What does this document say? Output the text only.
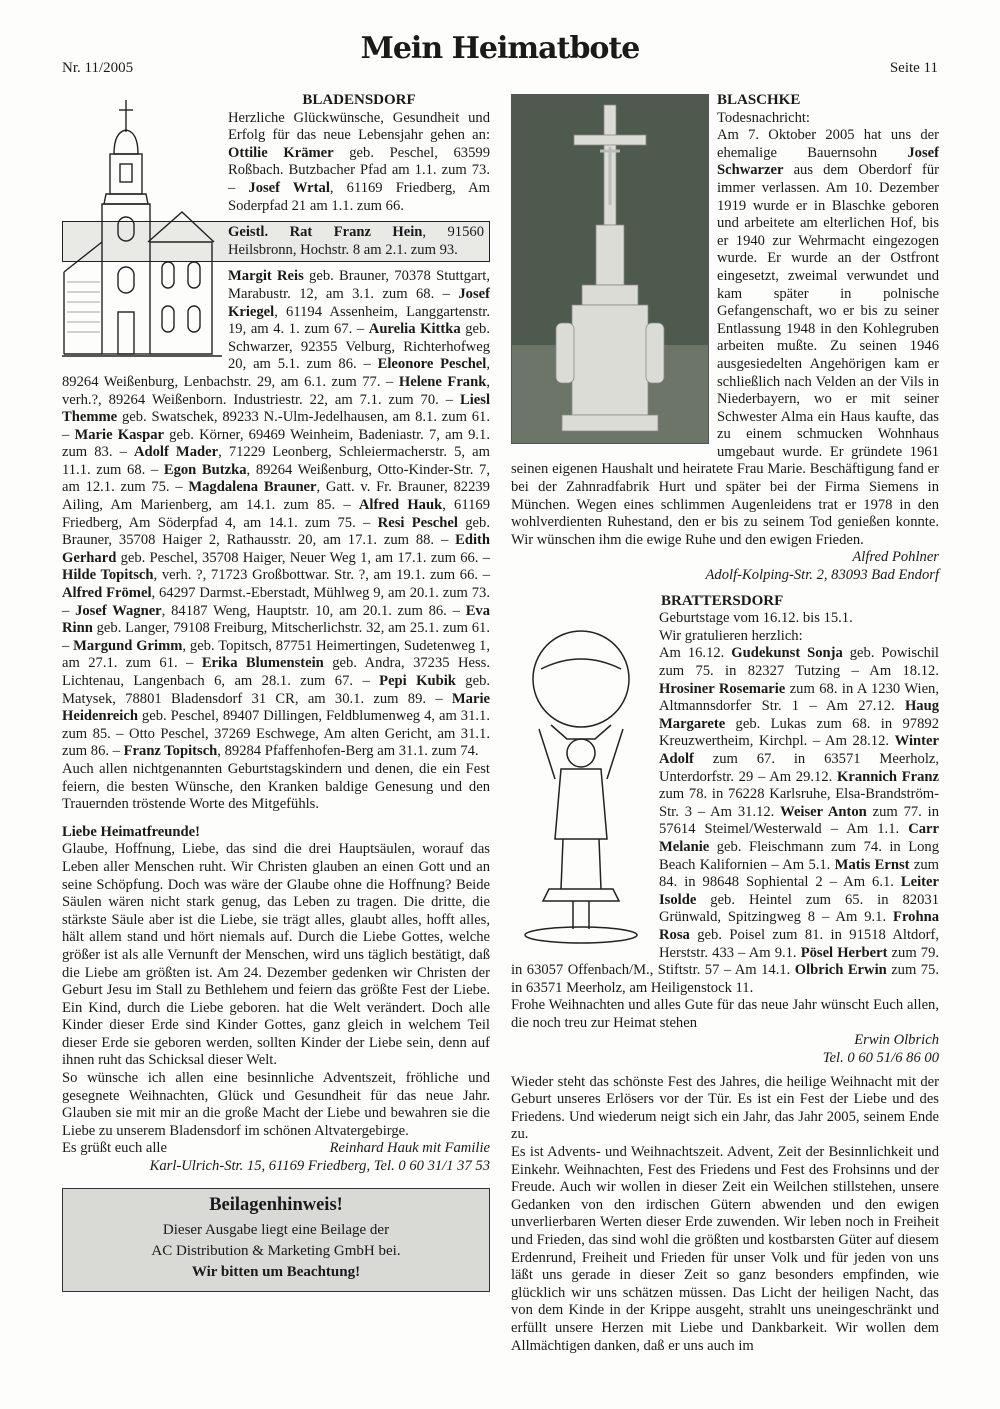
Nr. 11/2005
Mein Heimatbote
Seite 11
BLADENSDORF

Herzliche Glückwünsche, Gesundheit und Erfolg für das neue Lebensjahr gehen an: Ottilie Krämer geb. Peschel, 63599 Roßbach. Butzbacher Pfad am 1.1. zum 73. – Josef Wrtal, 61169 Friedberg, Am Soderpfad 21 am 1.1. zum 66.

Geistl. Rat Franz Hein, 91560 Heilsbronn, Hochstr. 8 am 2.1. zum 93.

Margit Reis geb. Brauner, 70378 Stuttgart, Marabustr. 12, am 3.1. zum 68. – Josef Kriegel, 61194 Assenheim, Langgartenstr. 19, am 4. 1. zum 67. – Aurelia Kittka geb. Schwarzer, 92355 Velburg, Richterhofweg 20, am 5.1. zum 86. – Eleonore Peschel, 89264 Weißenburg, Lenbachstr. 29, am 6.1. zum 77. – Helene Frank, verh.?, 89264 Weißenborn. Industriestr. 22, am 7.1. zum 70. – Liesl Themme geb. Swatschek, 89233 N.-Ulm-Jedelhausen, am 8.1. zum 61. – Marie Kaspar geb. Körner, 69469 Weinheim, Badeniastr. 7, am 9.1. zum 83. – Adolf Mader, 71229 Leonberg, Schleiermacherstr. 5, am 11.1. zum 68. – Egon Butzka, 89264 Weißenburg, Otto-Kinder-Str. 7, am 12.1. zum 75. – Magdalena Brauner, Gatt. v. Fr. Brauner, 82239 Ailing, Am Marienberg, am 14.1. zum 85. – Alfred Hauk, 61169 Friedberg, Am Söderpfad 4, am 14.1. zum 75. – Resi Peschel geb. Brauner, 35708 Haiger 2, Rathausstr. 20, am 17.1. zum 88. – Edith Gerhard geb. Peschel, 35708 Haiger, Neuer Weg 1, am 17.1. zum 66. – Hilde Topitsch, verh. ?, 71723 Großbottwar. Str. ?, am 19.1. zum 66. – Alfred Frömel, 64297 Darmst.-Eberstadt, Mühlweg 9, am 20.1. zum 73. – Josef Wagner, 84187 Weng, Hauptstr. 10, am 20.1. zum 86. – Eva Rinn geb. Langer, 79108 Freiburg, Mitscherlichstr. 32, am 25.1. zum 61. – Margund Grimm, geb. Topitsch, 87751 Heimertingen, Sudetenweg 1, am 27.1. zum 61. – Erika Blumenstein geb. Andra, 37235 Hess. Lichtenau, Langenbach 6, am 28.1. zum 67. – Pepi Kubik geb. Matysek, 78801 Bladensdorf 31 CR, am 30.1. zum 89. – Marie Heidenreich geb. Peschel, 89407 Dillingen, Feldblumenweg 4, am 31.1. zum 85. – Otto Peschel, 37269 Eschwege, Am alten Gericht, am 31.1. zum 86. – Franz Topitsch, 89284 Pfaffenhofen-Berg am 31.1. zum 74.

Auch allen nichtgenannten Geburtstagskindern und denen, die ein Fest feiern, die besten Wünsche, den Kranken baldige Genesung und den Trauernden tröstende Worte des Mitgefühls.

Liebe Heimatfreunde!

Glaube, Hoffnung, Liebe, das sind die drei Hauptsäulen, worauf das Leben aller Menschen ruht. Wir Christen glauben an einen Gott und an seine Schöpfung. Doch was wäre der Glaube ohne die Hoffnung? Beide Säulen wären nicht stark genug, das Leben zu tragen. Die dritte, die stärkste Säule aber ist die Liebe, sie trägt alles, glaubt alles, hofft alles, hält allem stand und hört niemals auf. Durch die Liebe Gottes, welche größer ist als alle Vernunft der Menschen, wird uns täglich bestätigt, daß die Liebe am größten ist. Am 24. Dezember gedenken wir Christen der Geburt Jesu im Stall zu Bethlehem und feiern das größte Fest der Liebe. Ein Kind, durch die Liebe geboren. hat die Welt verändert. Doch alle Kinder dieser Erde sind Kinder Gottes, ganz gleich in welchem Teil dieser Erde sie geboren werden, sollten Kinder der Liebe sein, denn auf ihnen ruht das Schicksal dieser Welt.

So wünsche ich allen eine besinnliche Adventszeit, fröhliche und gesegnete Weihnachten, Glück und Gesundheit für das neue Jahr. Glauben sie mit mir an die große Macht der Liebe und bewahren sie die Liebe zu unserem Bladensdorf im schönen Altvatergebirge.

Es grüßt euch alle	Reinhard Hauk mit Familie

Karl-Ulrich-Str. 15, 61169 Friedberg, Tel. 0 60 31/1 37 53

Beilagenhinweis!
Dieser Ausgabe liegt eine Beilage der
AC Distribution & Marketing GmbH bei.
Wir bitten um Beachtung!
BLASCHKE

Todesnachricht:

Am 7. Oktober 2005 hat uns der ehemalige Bauernsohn Josef Schwarzer aus dem Oberdorf für immer verlassen. Am 10. Dezember 1919 wurde er in Blaschke geboren und arbeitete am elterlichen Hof, bis er 1940 zur Wehrmacht eingezogen wurde. Er wurde an der Ostfront eingesetzt, zweimal verwundet und kam später in polnische Gefangenschaft, wo er bis zu seiner Entlassung 1948 in den Kohlegruben arbeiten mußte. Zu seinen 1946 ausgesiedelten Angehörigen kam er schließlich nach Velden an der Vils in Niederbayern, wo er mit seiner Schwester Alma ein Haus kaufte, das zu einem schmucken Wohnhaus umgebaut wurde. Er gründete 1961 seinen eigenen Haushalt und heiratete Frau Marie. Beschäftigung fand er bei der Zahnradfabrik Hurt und später bei der Firma Siemens in München. Wegen eines schlimmen Augenleidens trat er 1978 in den wohlverdienten Ruhestand, den er bis zu seinem Tod genießen konnte. Wir wünschen ihm die ewige Ruhe und den ewigen Frieden.

Alfred Pohlner

Adolf-Kolping-Str. 2, 83093 Bad Endorf

BRATTERSDORF

Geburtstage vom 16.12. bis 15.1.

Wir gratulieren herzlich:

Am 16.12. Gudekunst Sonja geb. Powischil zum 75. in 82327 Tutzing – Am 18.12. Hrosiner Rosemarie zum 68. in A 1230 Wien, Altmannsdorfer Str. 1 – Am 27.12. Haug Margarete geb. Lukas zum 68. in 97892 Kreuzwertheim, Kirchpl. – Am 28.12. Winter Adolf zum 67. in 63571 Meerholz, Unterdorfstr. 29 – Am 29.12. Krannich Franz zum 78. in 76228 Karlsruhe, Elsa-Brandström-Str. 3 – Am 31.12. Weiser Anton zum 77. in 57614 Steimel/Westerwald – Am 1.1. Carr Melanie geb. Fleischmann zum 74. in Long Beach Kalifornien – Am 5.1. Matis Ernst zum 84. in 98648 Sophiental 2 – Am 6.1. Leiter Isolde geb. Heintel zum 65. in 82031 Grünwald, Spitzingweg 8 – Am 9.1. Frohna Rosa geb. Poisel zum 81. in 91518 Altdorf, Herststr. 433 – Am 9.1. Pösel Herbert zum 79. in 63057 Offenbach/M., Stiftstr. 57 – Am 14.1. Olbrich Erwin zum 75. in 63571 Meerholz, am Heiligenstock 11.

Frohe Weihnachten und alles Gute für das neue Jahr wünscht Euch allen, die noch treu zur Heimat stehen

Erwin Olbrich

Tel. 0 60 51/6 86 00

Wieder steht das schönste Fest des Jahres, die heilige Weihnacht mit der Geburt unseres Erlösers vor der Tür. Es ist ein Fest der Liebe und des Friedens. Und wiederum neigt sich ein Jahr, das Jahr 2005, seinem Ende zu.

Es ist Advents- und Weihnachtszeit. Advent, Zeit der Besinnlichkeit und Einkehr. Weihnachten, Fest des Friedens und Fest des Frohsinns und der Freude. Auch wir wollen in dieser Zeit ein Weilchen stillstehen, unsere Gedanken von den irdischen Gütern abwenden und den ewigen unverlierbaren Werten dieser Erde zuwenden. Wir leben noch in Freiheit und Frieden, das sind wohl die größten und kostbarsten Güter auf diesem Erdenrund, Freiheit und Frieden für unser Volk und für jeden von uns läßt uns gerade in dieser Zeit so ganz besonders empfinden, wie glücklich wir uns schätzen müssen. Das Licht der heiligen Nacht, das von dem Kinde in der Krippe ausgeht, strahlt uns uneingeschränkt und erfüllt unsere Herzen mit Liebe und Dankbarkeit. Wir wollen dem Allmächtigen danken, daß er uns auch im
